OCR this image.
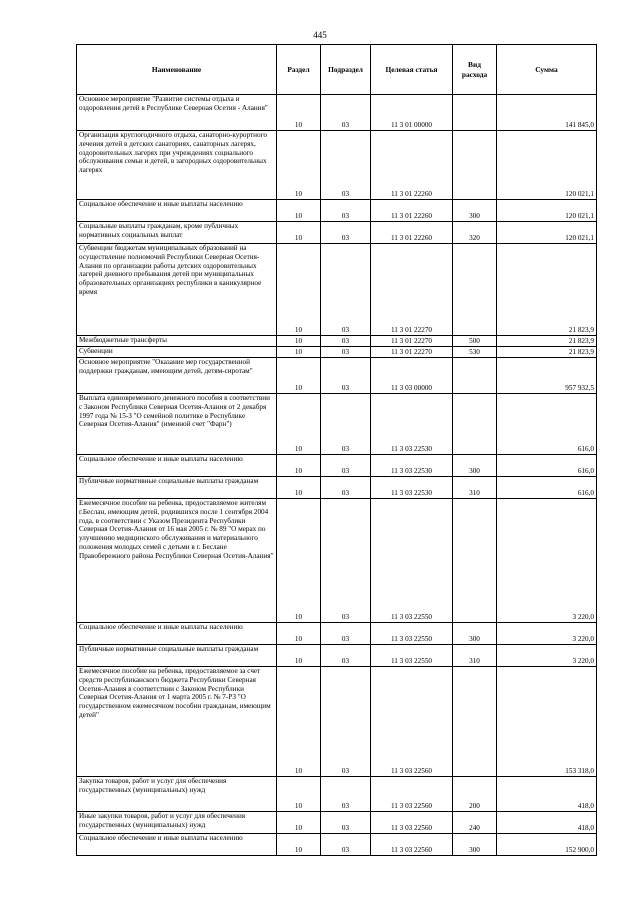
445
Наименование	Раздел	Подраздел	Целевая статья	Вид расхода	Сумма
Основное мероприятие "Развитие системы отдыха и оздоровления детей в Республике Северная Осетия - Алания"	10	03	11 3 01 00000		141 845,0
Организация круглогодичного отдыха, санаторно-курортного лечения детей в детских санаториях, санаторных лагерях, оздоровительных лагерях при учреждениях социального обслуживания семьи и детей, в загородных оздоровительных лагерях	10	03	11 3 01 22260		120 021,1
Социальное обеспечение и иные выплаты населению	10	03	11 3 01 22260	300	120 021,1
Социальные выплаты гражданам, кроме публичных нормативных социальных выплат	10	03	11 3 01 22260	320	120 021,1
Субвенции бюджетам муниципальных образований на осуществление полномочий Республики Северная Осетия-Алания по организации работы детских оздоровительных лагерей дневного пребывания детей при муниципальных образовательных организациях республики в каникулярное время	10	03	11 3 01 22270		21 823,9
Межбюджетные трансферты	10	03	11 3 01 22270	500	21 823,9
Субвенции	10	03	11 3 01 22270	530	21 823,9
Основное мероприятие "Оказание мер государственной поддержки гражданам, имеющим детей, детям-сиротам"	10	03	11 3 03 00000		957 932,5
Выплата единовременного денежного пособия в соответствии с Законом Республики Северная Осетия-Алания от 2 декабря 1997 года № 15-З "О семейной политике в Республике Северная Осетия-Алания" (именной счет "Фарн")	10	03	11 3 03 22530		616,0
Социальное обеспечение и иные выплаты населению	10	03	11 3 03 22530	300	616,0
Публичные нормативные социальные выплаты гражданам	10	03	11 3 03 22530	310	616,0
Ежемесячное пособие на ребенка, предоставляемое жителям г.Беслан, имеющим детей, родившихся после 1 сентября 2004 года, в соответствии с Указом Президента Республики Северная Осетия-Алания от 16 мая 2005 г. № 89 "О мерах по улучшению медицинского обслуживания и материального положения молодых семей с детьми в г. Беслане Правобережного района Республики Северная Осетия-Алания"	10	03	11 3 03 22550		3 220,0
Социальное обеспечение и иные выплаты населению	10	03	11 3 03 22550	300	3 220,0
Публичные нормативные социальные выплаты гражданам	10	03	11 3 03 22550	310	3 220,0
Ежемесячное пособие на ребенка, предоставляемое за счет средств республиканского бюджета Республики Северная Осетия-Алания в соответствии с Законом Республики Северная Осетия-Алания от 1 марта 2005 г. № 7-РЗ "О государственном ежемесячном пособии гражданам, имеющим детей"	10	03	11 3 03 22560		153 318,0
Закупка товаров, работ и услуг для обеспечения государственных (муниципальных) нужд	10	03	11 3 03 22560	200	418,0
Иные закупки товаров, работ и услуг для обеспечения государственных (муниципальных) нужд	10	03	11 3 03 22560	240	418,0
Социальное обеспечение и иные выплаты населению	10	03	11 3 03 22560	300	152 900,0
